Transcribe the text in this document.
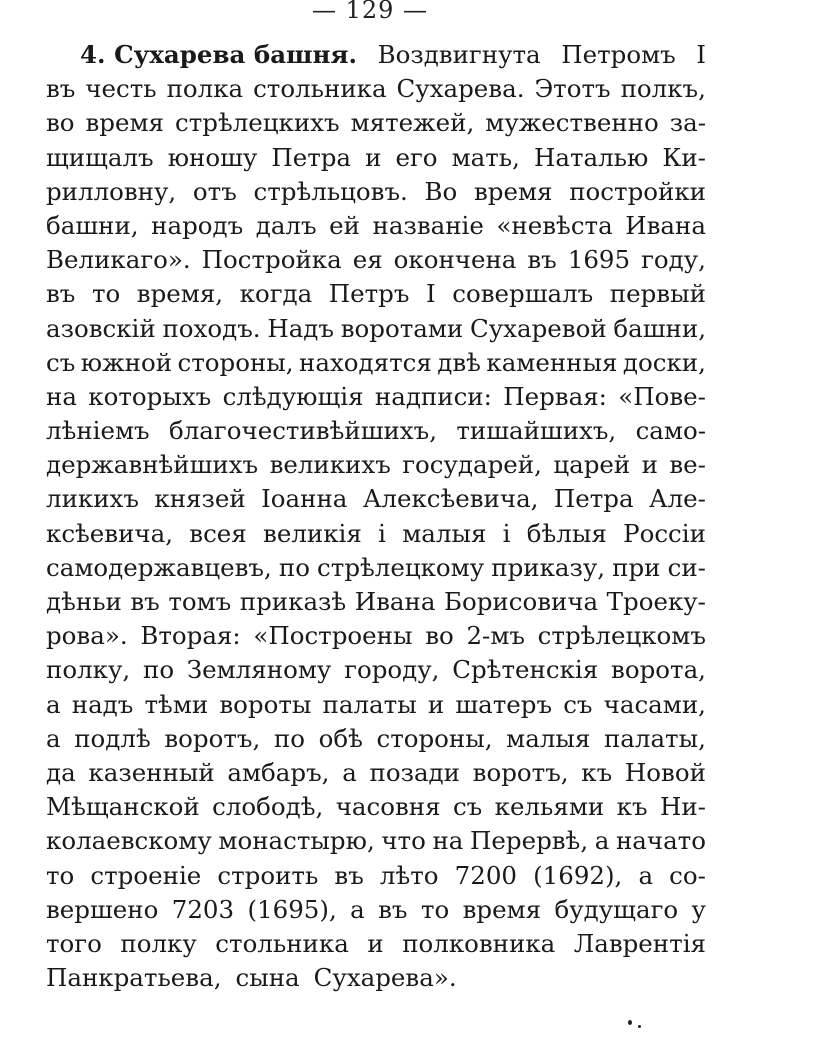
— 129 —
4. Сухарева башня. Воздвигнута Петромъ I
въ честь полка стольника Сухарева. Этотъ полкъ,
во время стрѣлецкихъ мятежей, мужественно за-
щищалъ юношу Петра и его мать, Наталью Ки-
рилловну, отъ стрѣльцовъ. Во время постройки
башни, народъ далъ ей названіе «невѣста Ивана
Великаго». Постройка ея окончена въ 1695 году,
въ то время, когда Петръ I совершалъ первый
азовскій походъ. Надъ воротами Сухаревой башни,
съ южной стороны, находятся двѣ каменныя доски,
на которыхъ слѣдующія надписи: Первая: «Пове-
лѣніемъ благочестивѣйшихъ, тишайшихъ, само-
державнѣйшихъ великихъ государей, царей и ве-
ликихъ князей Іоанна Алексѣевича, Петра Але-
ксѣевича, всея великія і малыя і бѣлыя Россіи
самодержавцевъ, по стрѣлецкому приказу, при си-
дѣньи въ томъ приказѣ Ивана Борисовича Троеку-
рова». Вторая: «Построены во 2-мъ стрѣлецкомъ
полку, по Земляному городу, Срѣтенскія ворота,
а надъ тѣми вороты палаты и шатеръ съ часами,
а подлѣ воротъ, по обѣ стороны, малыя палаты,
да казенный амбаръ, а позади воротъ, къ Новой
Мѣщанской слободѣ, часовня съ кельями къ Ни-
колаевскому монастырю, что на Перервѣ, а начато
то строеніе строить въ лѣто 7200 (1692), а со-
вершено 7203 (1695), а въ то время будущаго у
того полку стольника и полковника Лаврентія
Панкратьева, сына Сухарева».
